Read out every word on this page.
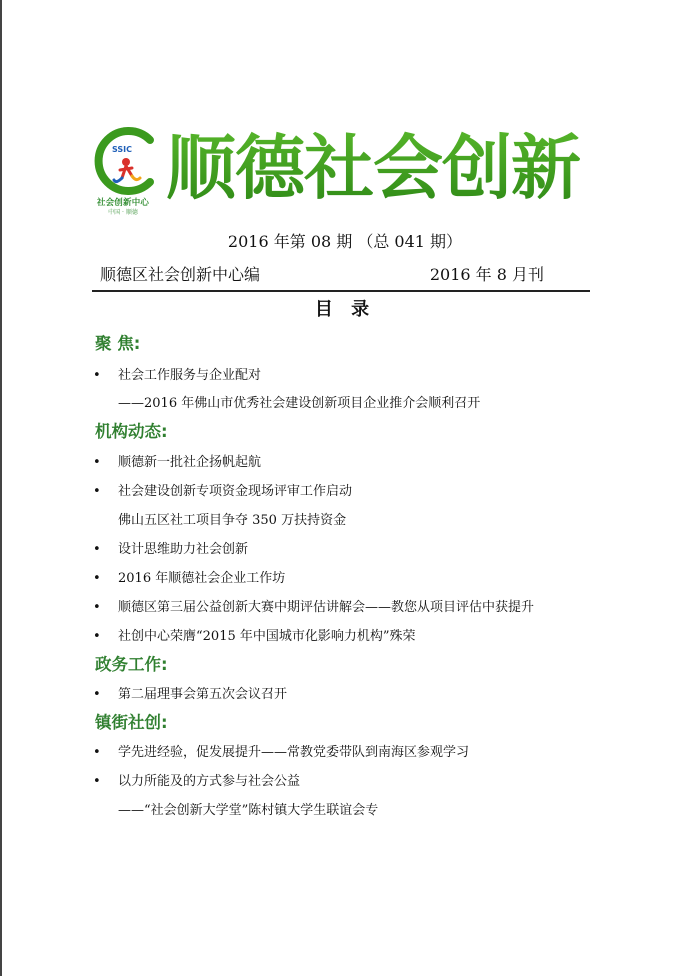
SSIC
社会创新中心
中国 · 顺德
顺德社会创新
2016 年第 08 期 （总 041 期）
顺德区社会创新中心编	2016 年 8 月刊
目 录
聚 焦:
• 社会工作服务与企业配对
——2016 年佛山市优秀社会建设创新项目企业推介会顺利召开
机构动态:
• 顺德新一批社企扬帆起航
• 社会建设创新专项资金现场评审工作启动
佛山五区社工项目争夺 350 万扶持资金
• 设计思维助力社会创新
• 2016 年顺德社会企业工作坊
• 顺德区第三届公益创新大赛中期评估讲解会——教您从项目评估中获提升
• 社创中心荣膺“2015 年中国城市化影响力机构”殊荣
政务工作:
• 第二届理事会第五次会议召开
镇街社创:
• 学先进经验，促发展提升——常教党委带队到南海区参观学习
• 以力所能及的方式参与社会公益
——“社会创新大学堂”陈村镇大学生联谊会专
